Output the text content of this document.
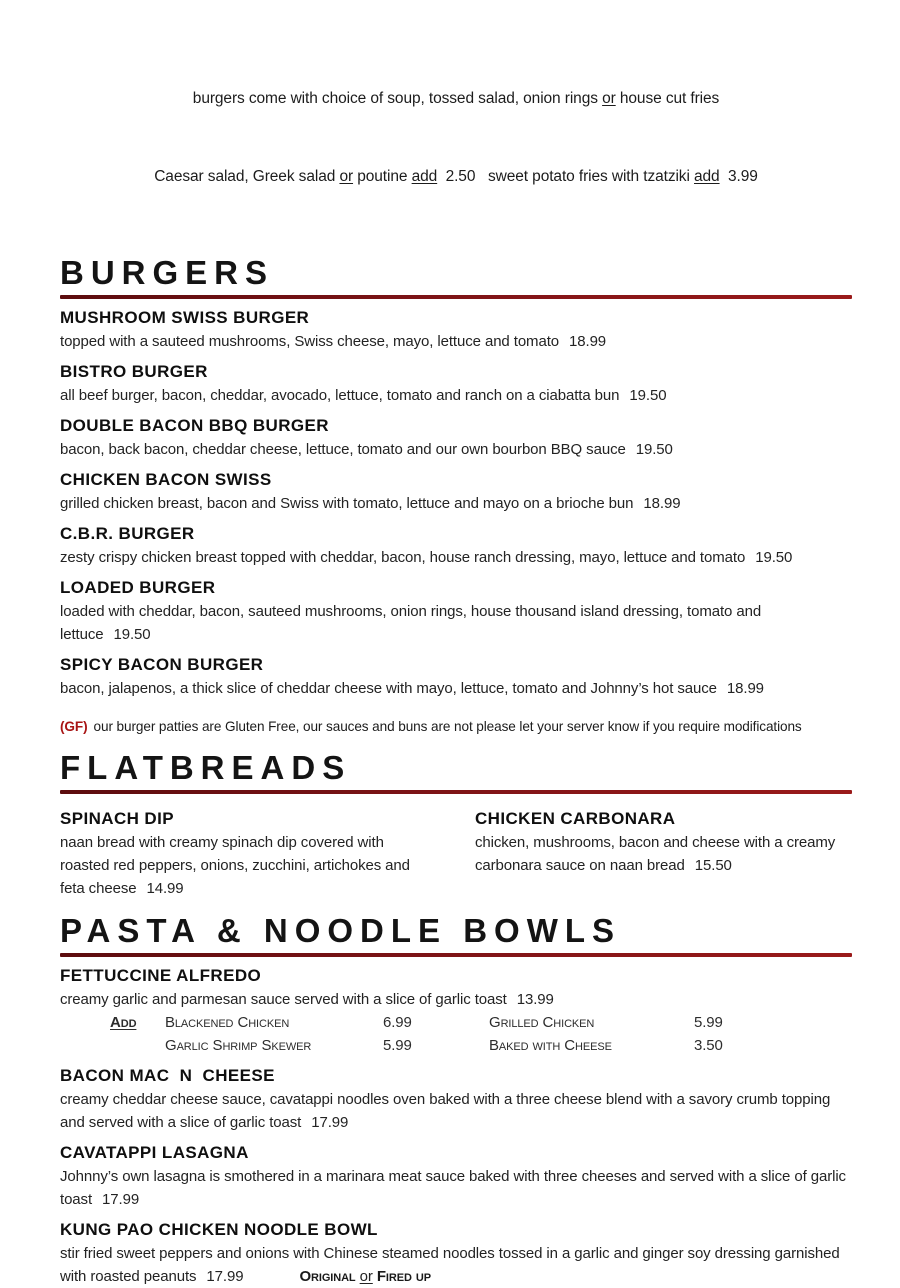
burgers come with choice of soup, tossed salad, onion rings or house cut fries

Caesar salad, Greek salad or poutine add  2.50   sweet potato fries with tzatziki add  3.99

BURGERS
MUSHROOM SWISS BURGER
topped with a sauteed mushrooms, Swiss cheese, mayo, lettuce and tomato 18.99
BISTRO BURGER
all beef burger, bacon, cheddar, avocado, lettuce, tomato and ranch on a ciabatta bun 19.50
DOUBLE BACON BBQ BURGER
bacon, back bacon, cheddar cheese, lettuce, tomato and our own bourbon BBQ sauce 19.50
CHICKEN BACON SWISS
grilled chicken breast, bacon and Swiss with tomato, lettuce and mayo on a brioche bun 18.99
C.B.R. BURGER
zesty crispy chicken breast topped with cheddar, bacon, house ranch dressing, mayo, lettuce and tomato 19.50
LOADED BURGER
loaded with cheddar, bacon, sauteed mushrooms, onion rings, house thousand island dressing, tomato and lettuce 19.50
SPICY BACON BURGER
bacon, jalapenos, a thick slice of cheddar cheese with mayo, lettuce, tomato and Johnny’s hot sauce 18.99
(GF) our burger patties are Gluten Free, our sauces and buns are not please let your server know if you require modifications
FLATBREADS
SPINACH DIP
naan bread with creamy spinach dip covered with roasted red peppers, onions, zucchini, artichokes and feta cheese 14.99
CHICKEN CARBONARA
chicken, mushrooms, bacon and cheese with a creamy carbonara sauce on naan bread 15.50
PASTA & NOODLE BOWLS
FETTUCCINE ALFREDO
creamy garlic and parmesan sauce served with a slice of garlic toast 13.99
Add Blackened Chicken	6.99	Grilled Chicken	5.99
Garlic Shrimp Skewer	5.99	Baked with Cheese	3.50
BACON MAC  N  CHEESE
creamy cheddar cheese sauce, cavatappi noodles oven baked with a three cheese blend with a savory crumb topping and served with a slice of garlic toast 17.99
CAVATAPPI LASAGNA
Johnny’s own lasagna is smothered in a marinara meat sauce baked with three cheeses and served with a slice of garlic toast 17.99
KUNG PAO CHICKEN NOODLE BOWL
stir fried sweet peppers and onions with Chinese steamed noodles tossed in a garlic and ginger soy dressing garnished with roasted peanuts 17.99	Original or Fired up
